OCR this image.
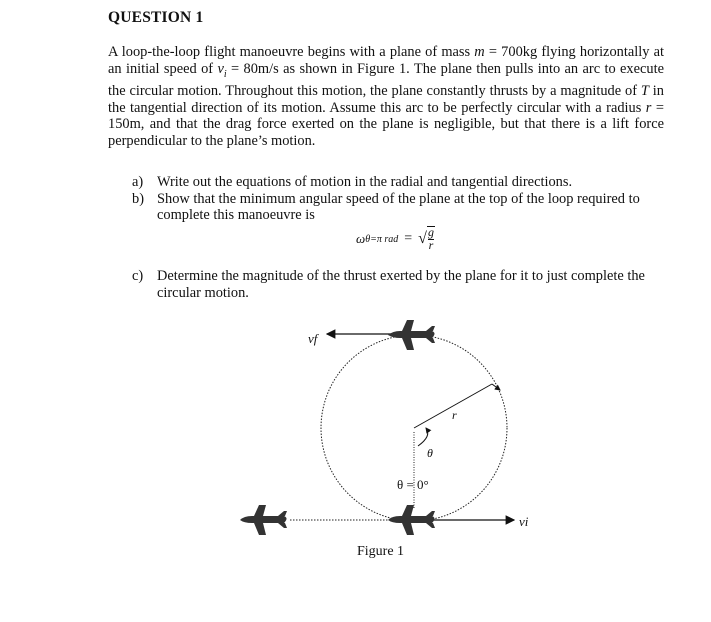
QUESTION 1
A loop-the-loop flight manoeuvre begins with a plane of mass m = 700kg flying horizontally at an initial speed of $v_i = 80m/s$ as shown in Figure 1. The plane then pulls into an arc to execute the circular motion. Throughout this motion, the plane constantly thrusts by a magnitude of T in the tangential direction of its motion. Assume this arc to be perfectly circular with a radius r = 150m, and that the drag force exerted on the plane is negligible, but that there is a lift force perpendicular to the plane’s motion.
a) Write out the equations of motion in the radial and tangential directions.
b) Show that the minimum angular speed of the plane at the top of the loop required to complete this manoeuvre is
ω θ=π rad = √ $\frac{g}{r}$
c) Determine the magnitude of the thrust exerted by the plane for it to just complete the circular motion.
vf
vi
r
θ
θ = 0°
Figure 1
